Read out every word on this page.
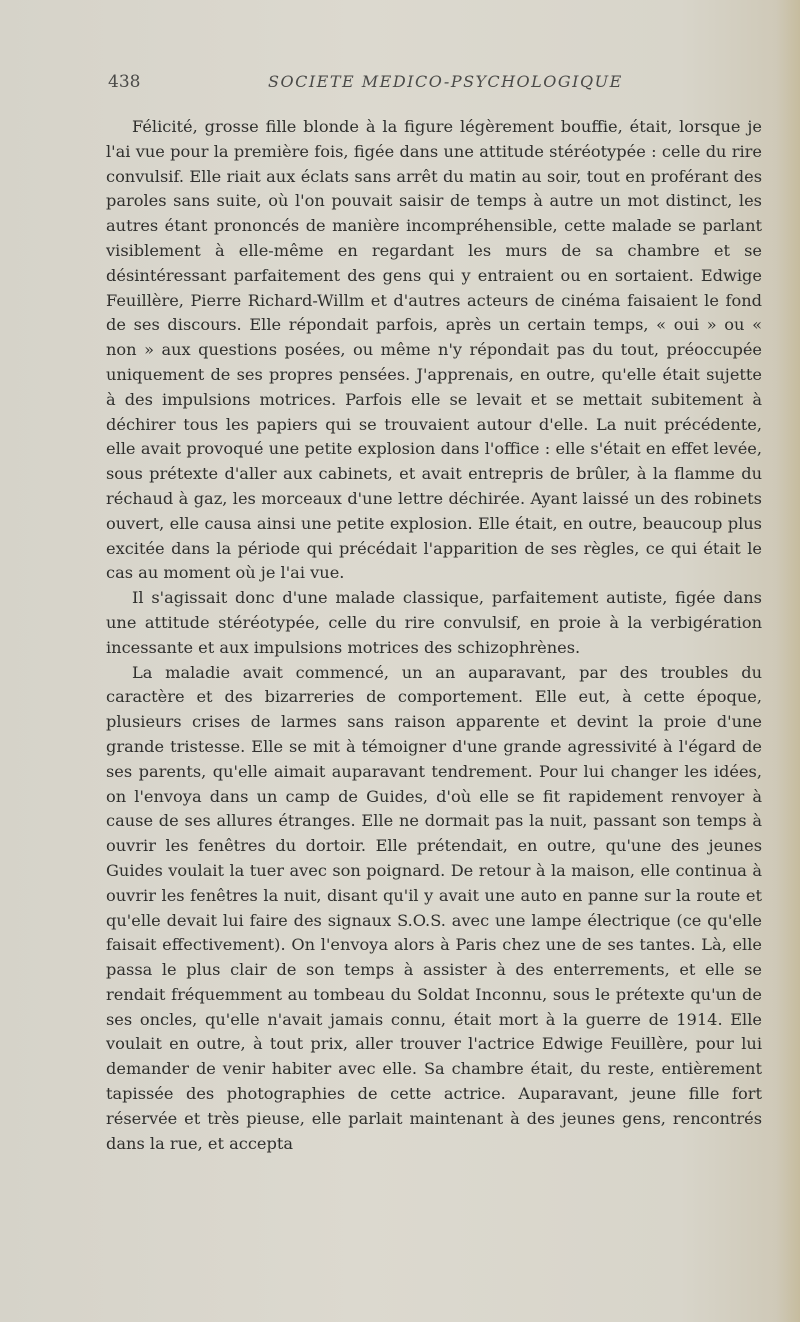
438	SOCIETE MEDICO-PSYCHOLOGIQUE

Félicité, grosse fille blonde à la figure légèrement bouffie, était, lorsque je l'ai vue pour la première fois, figée dans une attitude stéréotypée : celle du rire convulsif. Elle riait aux éclats sans arrêt du matin au soir, tout en proférant des paroles sans suite, où l'on pouvait saisir de temps à autre un mot distinct, les autres étant prononcés de manière incompréhensible, cette malade se parlant visiblement à elle-même en regardant les murs de sa chambre et se désintéressant parfaitement des gens qui y entraient ou en sortaient. Edwige Feuillère, Pierre Richard-Willm et d'autres acteurs de cinéma faisaient le fond de ses discours. Elle répondait parfois, après un certain temps, « oui » ou « non » aux questions posées, ou même n'y répondait pas du tout, préoccupée uniquement de ses propres pensées. J'apprenais, en outre, qu'elle était sujette à des impulsions motrices. Parfois elle se levait et se mettait subitement à déchirer tous les papiers qui se trouvaient autour d'elle. La nuit précédente, elle avait provoqué une petite explosion dans l'office : elle s'était en effet levée, sous prétexte d'aller aux cabinets, et avait entrepris de brûler, à la flamme du réchaud à gaz, les morceaux d'une lettre déchirée. Ayant laissé un des robinets ouvert, elle causa ainsi une petite explosion. Elle était, en outre, beaucoup plus excitée dans la période qui précédait l'apparition de ses règles, ce qui était le cas au moment où je l'ai vue.

Il s'agissait donc d'une malade classique, parfaitement autiste, figée dans une attitude stéréotypée, celle du rire convulsif, en proie à la verbigération incessante et aux impulsions motrices des schizophrènes.

La maladie avait commencé, un an auparavant, par des troubles du caractère et des bizarreries de comportement. Elle eut, à cette époque, plusieurs crises de larmes sans raison apparente et devint la proie d'une grande tristesse. Elle se mit à témoigner d'une grande agressivité à l'égard de ses parents, qu'elle aimait auparavant tendrement. Pour lui changer les idées, on l'envoya dans un camp de Guides, d'où elle se fit rapidement renvoyer à cause de ses allures étranges. Elle ne dormait pas la nuit, passant son temps à ouvrir les fenêtres du dortoir. Elle prétendait, en outre, qu'une des jeunes Guides voulait la tuer avec son poignard. De retour à la maison, elle continua à ouvrir les fenêtres la nuit, disant qu'il y avait une auto en panne sur la route et qu'elle devait lui faire des signaux S.O.S. avec une lampe électrique (ce qu'elle faisait effectivement). On l'envoya alors à Paris chez une de ses tantes. Là, elle passa le plus clair de son temps à assister à des enterrements, et elle se rendait fréquemment au tombeau du Soldat Inconnu, sous le prétexte qu'un de ses oncles, qu'elle n'avait jamais connu, était mort à la guerre de 1914. Elle voulait en outre, à tout prix, aller trouver l'actrice Edwige Feuillère, pour lui demander de venir habiter avec elle. Sa chambre était, du reste, entièrement tapissée des photographies de cette actrice. Auparavant, jeune fille fort réservée et très pieuse, elle parlait maintenant à des jeunes gens, rencontrés dans la rue, et accepta
